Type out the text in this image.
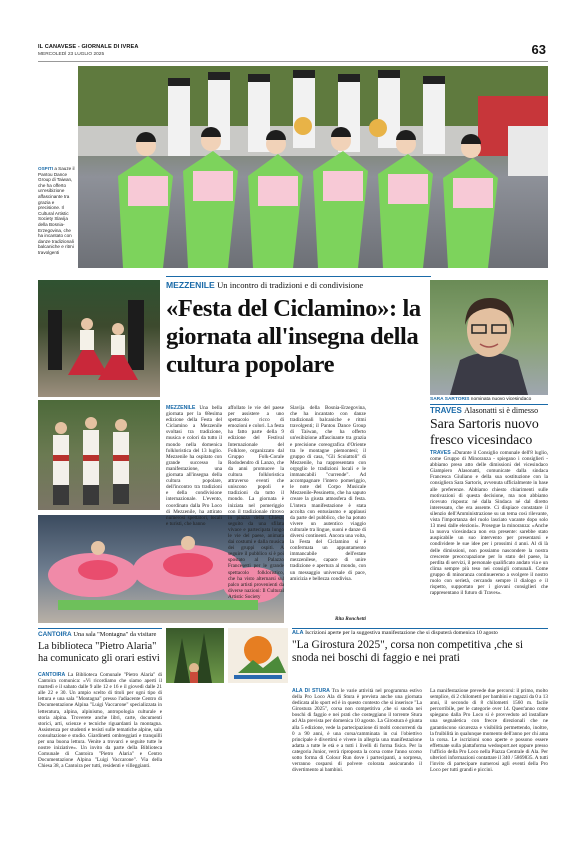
IL CANAVESE - GIORNALE DI IVREA
MERCOLEDÌ 23 LUGLIO 2025	63
OSPITI a Sauze il Pantou Dance Group di Taiwan, che ha offerto un'esibizione affascinante tra grazia e precisione. Il Cultural Artistic Society Slavija della Bosnia-Erzegovina, che ha incantato con danze tradizionali balcaniche e ritmi travolgenti
MEZZENILE Un incontro di tradizioni e di condivisione
«Festa del Ciclamino»: la giornata all'insegna della cultura popolare
MEZZENILE Una bella giornata per la 68esima edizione della Festa del Ciclamino a Mezzenile svoltasi tra tradizione, musica e colori da tutto il mondo nella domenica folkloristica del 13 luglio. Mezzenile ha ospitato con grande successo la manifestazione, una giornata all'insegna della cultura popolare, dell'incontro tra tradizioni e della condivisione internazionale. L'evento, coordinato dalla Pro Loco di Mezzenile, ha attirato numerosi spettatori, locali e turisti, che hanno
affollato le vie del paese per assistere a uno spettacolo ricco di emozioni e colori. La festa ha fatto parte della 9 edizione del Festival Internazionale del Folklore, organizzato dal Gruppo Folk-Corale Rododendro di Lanzo, che da anni promuove la cultura folkloristica attraverso eventi che uniscono popoli e tradizioni da tutto il mondo. La giornata è iniziata nel pomeriggio con il tradizionale ritrovo in piazza della Chiesa, seguito da una sfilata vivace e partecipata lungo le vie del paese, animata dai costumi e dalla musica dei gruppi ospiti. A seguire il pubblico si è poi spostato al Palazzo Francesetti per le grande spettacolo folkloristico, che ha visto alternarsi sul palco artisti provenienti da diverse nazioni: Il Cultural Artistic Society
Slavija della Bosnia-Erzegovina, che ha incantato con danze tradizionali balcaniche e ritmi travolgenti; il Pantou Dance Group di Taiwan, che ha offerto un'esibizione affascinante tra grazia e precisione coreografica d'Oriente tra le montagne piemontesi; il gruppo di casa, "Gli Scoiattoli" di Mezzenile, ha rappresentato con orgoglio le tradizioni locali e le immancabili "currende". Ad accompagnare l'intero pomeriggio, le note del Corpo Musicale Mezzenile-Pessinetto, che ha saputo creare la giusta atmosfera di festa. L'intera manifestazione è stata accolta con entusiasmo e applausi da parte del pubblico, che ha potuto vivere un autentico viaggio culturale tra lingue, suoni e danze di diversi continenti. Ancora una volta, la Festa del Ciclamino si è confermata un appuntamento immancabile dell'estate mezzenilese, capace di unire tradizione e apertura al mondo, con un messaggio universale di pace, amicizia e bellezza condivisa.
Rita Ronchetti
SARA SARTORIS nominata nuovo vicesindaco
TRAVES Alasonatti si è dimesso
Sara Sartoris nuovo fresco vicesindaco
TRAVES «Durante il Consiglio comunale dell'8 luglio, come Gruppo di Minoranza - spiegano i consiglieri - abbiamo preso atto delle dimissioni del vicesindaco Giampiero Alasonatti, comunicate dalla sindaca Francesca Giuliano e della sua sostituzione con la consigliera Sara Sartoris, avvenuta ufficialmente in base alle preferenze. Abbiamo chiesto chiarimenti sulle motivazioni di questa decisione, ma non abbiamo ricevuto risposta: né dalla Sindaca né dal diretto interessato, che era assente. Ci dispiace constatare il silenzio dell'Amministrazione su un tema così rilevante, vista l'importanza del ruolo lasciato vacante dopo solo 13 mesi dalle elezioni». Prosegue la minoranza: «Anche la nuova vicesindaca non era presente: sarebbe stato auspicabile un suo intervento per presentarsi e condividere le sue idee per i prossimi 4 anni. Al di là delle dimissioni, non possiamo nascondere la nostra crescente preoccupazione per lo stato del paese, la perdita di servizi, il personale qualificato andato via e un clima sempre più teso nei consigli comunali. Come gruppo di minoranza continueremo a svolgere il nostro ruolo con serietà, cercando sempre il dialogo e il rispetto, supportato per i giovani consiglieri che rappresentano il futuro di Traves».
CANTOIRA Una sala "Montagna" da visitare
La biblioteca "Pietro Alaria" ha comunicato gli orari estivi
CANTOIRA La Biblioteca Comunale "Pietro Alaria" di Cantoira comunica: «Vi ricordiamo che siamo aperti il martedì e il sabato dalle 9 alle 12 e 16 e il giovedì dalle 21 alle 22 e 30. Un ampio scelto di titoli per ogni tipo di lettura e una sala "Montagna" presso l'adiacente Centro di Documentazione Alpina "Luigi Vaccarone" specializzata in letteratura, alpina, alpinismo, antropologia culturale e storia alpina. Troverete anche libri, carte, documenti storici, arti, scienze e tecniche riguardanti la montagna. Assistenza per studenti e tesisti sulle tematiche alpine, sala consultazione e studio. Giardinetti ombreggiati e tranquilli per una buona lettura. Venite a trovarci e seguite tutte le nostre iniziative». Un invito da parte della Biblioteca Comunale di Cantoira "Pietro Alaria" e Centro Documentazione Alpina "Luigi Vaccarone". Via della Chiesa 38, a Cantoira per tutti, residenti e villeggianti.
ALA Iscrizioni aperte per la suggestiva manifestazione che si disputerà domenica 10 agosto
"La Girostura 2025", corsa non competitiva ,che si snoda nei boschi di faggio e nei prati
ALA DI STURA Tra le varie attività nel programma estivo della Pro Loco Ala di Stura è prevista anche una giornata dedicata allo sport ed è in questo contesto che si inserisce "La Girostura 2025", corsa non competitiva ,che si snoda nei boschi di faggio e nei prati che costeggiano il torrente Stura ad Ala prevista per domenica 10 agosto. La Girostura è giunta alla 5 edizione, vede la partecipazione di molti concorrenti da 0 a 90 anni, è una corsa/camminata in cui l'obiettivo principale è divertirsi e vivere in allegria una manifestazione adatta a tutte le età e a tutti i livelli di forma fisica. Per la categoria Junior, verrà riproposta la corsa come l'anno scorso sotto forma di Colour Run dove i partecipanti, a sorpresa, verranno cosparsi di polvere colorata assicurando il divertimento ai bambini.
La manifestazione prevede due percorsi: il primo, molto semplice, di 2 chilometri per bambini e ragazzi da 0 a 13 anni, il secondo di 8 chilometri 1560 m. facile percorribile, per le categorie over 14. Quest'anno come spiegano dalla Pro Loco si è provveduto ad installare una segnaletica con frecce direzionali che ne garantiscono sicurezza e visibilità permettendo, inoltre, la fruibilità in qualunque momento dell'anno per chi ama la corsa. Le iscrizioni sono aperte e possono essere effettuate sulla piattaforma wedosport.net oppure presso l'ufficio della Pro Loco nella Piazza Centrale di Ala. Per ulteriori informazioni contattare il 340 / 5869835. A tutti l'invito di partecipare numerosi agli eventi della Pro Loco per tutti grandi e piccini.
